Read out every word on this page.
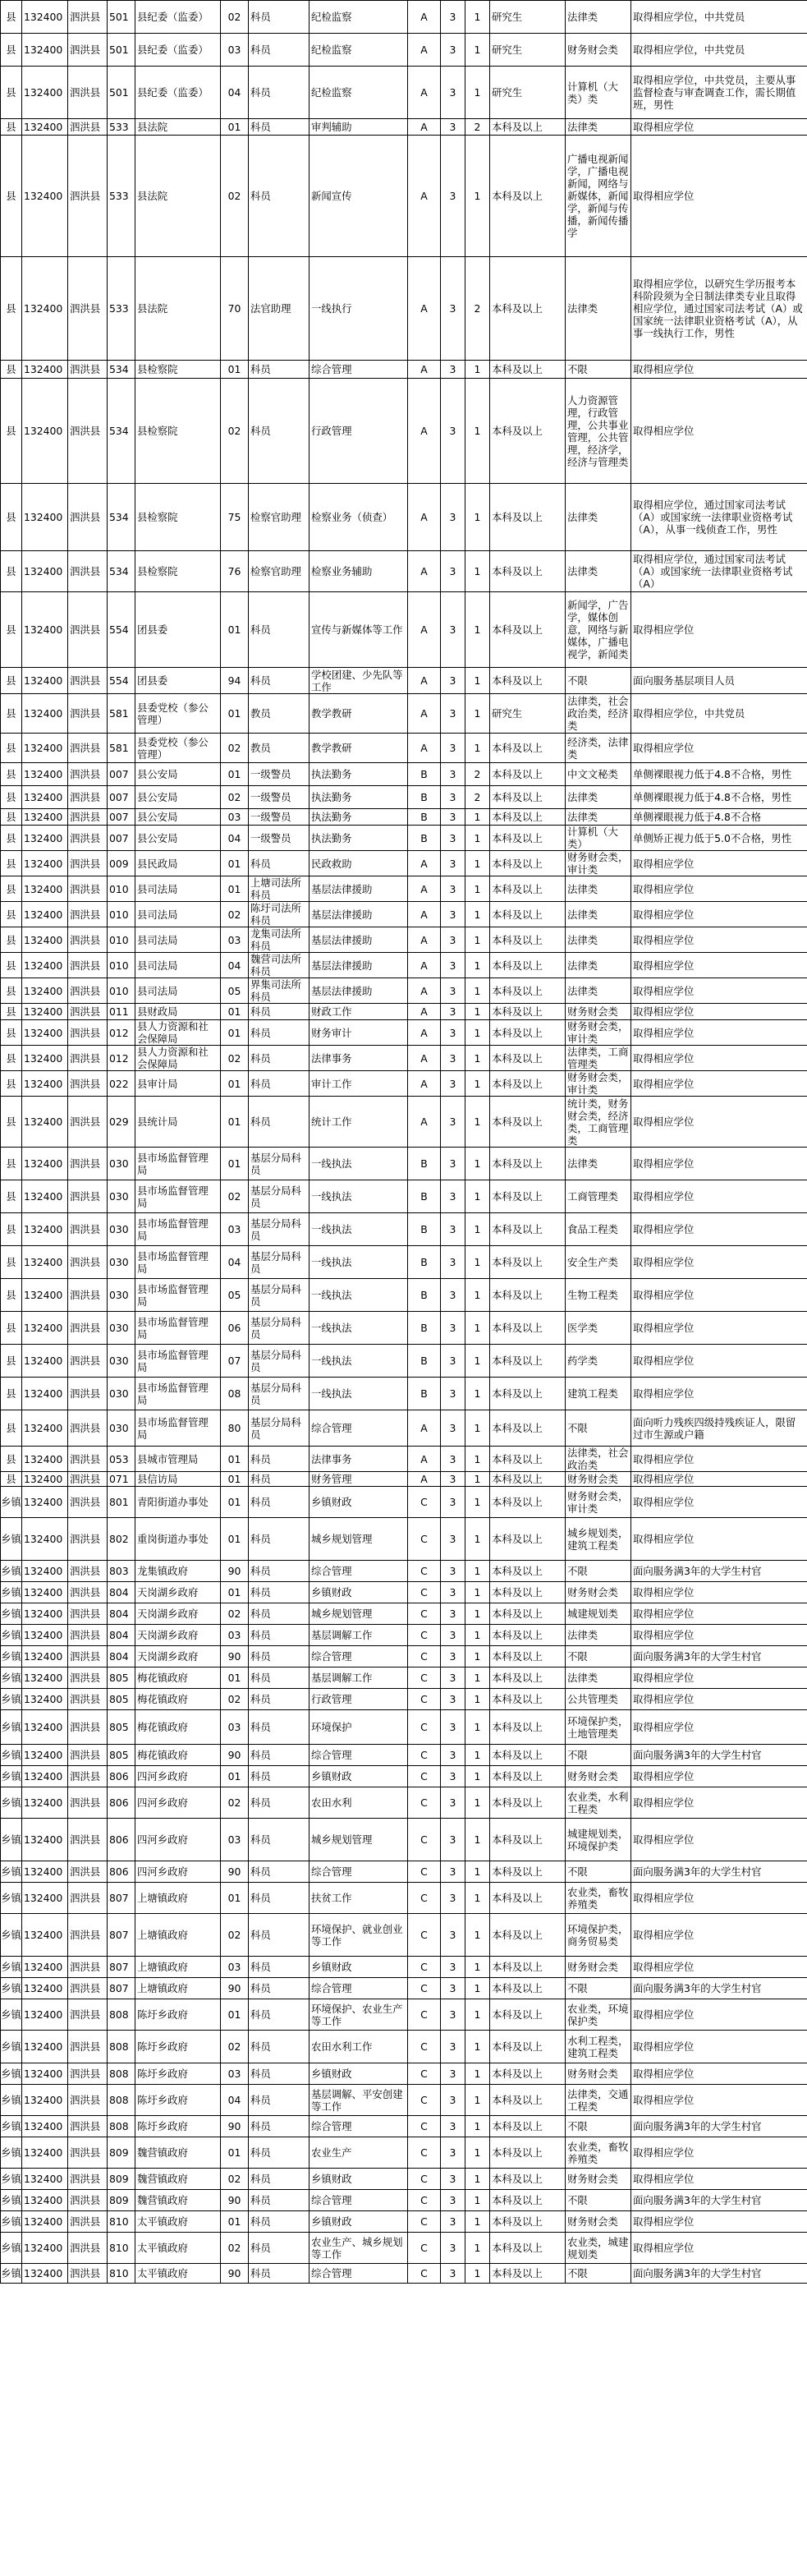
县	132400	泗洪县	501	县纪委（监委）	02	科员	纪检监察	A	3	1	研究生	法律类	取得相应学位，中共党员
县	132400	泗洪县	501	县纪委（监委）	03	科员	纪检监察	A	3	1	研究生	财务财会类	取得相应学位，中共党员
县	132400	泗洪县	501	县纪委（监委）	04	科员	纪检监察	A	3	1	研究生	计算机（大类）类	取得相应学位，中共党员，主要从事监督检查与审查调查工作，需长期值班，男性
县	132400	泗洪县	533	县法院	01	科员	审判辅助	A	3	2	本科及以上	法律类	取得相应学位
县	132400	泗洪县	533	县法院	02	科员	新闻宣传	A	3	1	本科及以上	广播电视新闻学，广播电视新闻，网络与新媒体，新闻学，新闻与传播，新闻传播学	取得相应学位
县	132400	泗洪县	533	县法院	70	法官助理	一线执行	A	3	2	本科及以上	法律类	取得相应学位，以研究生学历报考本科阶段须为全日制法律类专业且取得相应学位，通过国家司法考试（A）或国家统一法律职业资格考试（A），从事一线执行工作，男性
县	132400	泗洪县	534	县检察院	01	科员	综合管理	A	3	1	本科及以上	不限	取得相应学位
县	132400	泗洪县	534	县检察院	02	科员	行政管理	A	3	1	本科及以上	人力资源管理，行政管理，公共事业管理，公共管理，经济学，经济与管理类	取得相应学位
县	132400	泗洪县	534	县检察院	75	检察官助理	检察业务（侦查）	A	3	1	本科及以上	法律类	取得相应学位，通过国家司法考试（A）或国家统一法律职业资格考试（A），从事一线侦查工作，男性
县	132400	泗洪县	534	县检察院	76	检察官助理	检察业务辅助	A	3	1	本科及以上	法律类	取得相应学位，通过国家司法考试（A）或国家统一法律职业资格考试（A）
县	132400	泗洪县	554	团县委	01	科员	宣传与新媒体等工作	A	3	1	本科及以上	新闻学，广告学，媒体创意，网络与新媒体，广播电视学，新闻类	取得相应学位
县	132400	泗洪县	554	团县委	94	科员	学校团建、少先队等工作	A	3	1	本科及以上	不限	面向服务基层项目人员
县	132400	泗洪县	581	县委党校（参公管理）	01	教员	教学教研	A	3	1	研究生	法律类，社会政治类，经济类	取得相应学位，中共党员
县	132400	泗洪县	581	县委党校（参公管理）	02	教员	教学教研	A	3	1	本科及以上	经济类，法律类	取得相应学位
县	132400	泗洪县	007	县公安局	01	一级警员	执法勤务	B	3	2	本科及以上	中文文秘类	单侧裸眼视力低于4.8不合格，男性
县	132400	泗洪县	007	县公安局	02	一级警员	执法勤务	B	3	2	本科及以上	法律类	单侧裸眼视力低于4.8不合格，男性
县	132400	泗洪县	007	县公安局	03	一级警员	执法勤务	B	3	1	本科及以上	法律类	单侧裸眼视力低于4.8不合格
县	132400	泗洪县	007	县公安局	04	一级警员	执法勤务	B	3	1	本科及以上	计算机（大类）	单侧矫正视力低于5.0不合格，男性
县	132400	泗洪县	009	县民政局	01	科员	民政救助	A	3	1	本科及以上	财务财会类，审计类	取得相应学位
县	132400	泗洪县	010	县司法局	01	上塘司法所科员	基层法律援助	A	3	1	本科及以上	法律类	取得相应学位
县	132400	泗洪县	010	县司法局	02	陈圩司法所科员	基层法律援助	A	3	1	本科及以上	法律类	取得相应学位
县	132400	泗洪县	010	县司法局	03	龙集司法所科员	基层法律援助	A	3	1	本科及以上	法律类	取得相应学位
县	132400	泗洪县	010	县司法局	04	魏营司法所科员	基层法律援助	A	3	1	本科及以上	法律类	取得相应学位
县	132400	泗洪县	010	县司法局	05	界集司法所科员	基层法律援助	A	3	1	本科及以上	法律类	取得相应学位
县	132400	泗洪县	011	县财政局	01	科员	财政工作	A	3	1	本科及以上	财务财会类	取得相应学位
县	132400	泗洪县	012	县人力资源和社会保障局	01	科员	财务审计	A	3	1	本科及以上	财务财会类，审计类	取得相应学位
县	132400	泗洪县	012	县人力资源和社会保障局	02	科员	法律事务	A	3	1	本科及以上	法律类，工商管理类	取得相应学位
县	132400	泗洪县	022	县审计局	01	科员	审计工作	A	3	1	本科及以上	财务财会类，审计类	取得相应学位
县	132400	泗洪县	029	县统计局	01	科员	统计工作	A	3	1	本科及以上	统计类，财务财会类，经济类，工商管理类	取得相应学位
县	132400	泗洪县	030	县市场监督管理局	01	基层分局科员	一线执法	B	3	1	本科及以上	法律类	取得相应学位
县	132400	泗洪县	030	县市场监督管理局	02	基层分局科员	一线执法	B	3	1	本科及以上	工商管理类	取得相应学位
县	132400	泗洪县	030	县市场监督管理局	03	基层分局科员	一线执法	B	3	1	本科及以上	食品工程类	取得相应学位
县	132400	泗洪县	030	县市场监督管理局	04	基层分局科员	一线执法	B	3	1	本科及以上	安全生产类	取得相应学位
县	132400	泗洪县	030	县市场监督管理局	05	基层分局科员	一线执法	B	3	1	本科及以上	生物工程类	取得相应学位
县	132400	泗洪县	030	县市场监督管理局	06	基层分局科员	一线执法	B	3	1	本科及以上	医学类	取得相应学位
县	132400	泗洪县	030	县市场监督管理局	07	基层分局科员	一线执法	B	3	1	本科及以上	药学类	取得相应学位
县	132400	泗洪县	030	县市场监督管理局	08	基层分局科员	一线执法	B	3	1	本科及以上	建筑工程类	取得相应学位
县	132400	泗洪县	030	县市场监督管理局	80	基层分局科员	综合管理	A	3	1	本科及以上	不限	面向听力残疾四级持残疾证人，限留过市生源或户籍
县	132400	泗洪县	053	县城市管理局	01	科员	法律事务	A	3	1	本科及以上	法律类，社会政治类	取得相应学位
县	132400	泗洪县	071	县信访局	01	科员	财务管理	A	3	1	本科及以上	财务财会类	取得相应学位
乡镇	132400	泗洪县	801	青阳街道办事处	01	科员	乡镇财政	C	3	1	本科及以上	财务财会类，审计类	取得相应学位
乡镇	132400	泗洪县	802	重岗街道办事处	01	科员	城乡规划管理	C	3	1	本科及以上	城乡规划类，建筑工程类	取得相应学位
乡镇	132400	泗洪县	803	龙集镇政府	90	科员	综合管理	C	3	1	本科及以上	不限	面向服务满3年的大学生村官
乡镇	132400	泗洪县	804	天岗湖乡政府	01	科员	乡镇财政	C	3	1	本科及以上	财务财会类	取得相应学位
乡镇	132400	泗洪县	804	天岗湖乡政府	02	科员	城乡规划管理	C	3	1	本科及以上	城建规划类	取得相应学位
乡镇	132400	泗洪县	804	天岗湖乡政府	03	科员	基层调解工作	C	3	1	本科及以上	法律类	取得相应学位
乡镇	132400	泗洪县	804	天岗湖乡政府	90	科员	综合管理	C	3	1	本科及以上	不限	面向服务满3年的大学生村官
乡镇	132400	泗洪县	805	梅花镇政府	01	科员	基层调解工作	C	3	1	本科及以上	法律类	取得相应学位
乡镇	132400	泗洪县	805	梅花镇政府	02	科员	行政管理	C	3	1	本科及以上	公共管理类	取得相应学位
乡镇	132400	泗洪县	805	梅花镇政府	03	科员	环境保护	C	3	1	本科及以上	环境保护类，土地管理类	取得相应学位
乡镇	132400	泗洪县	805	梅花镇政府	90	科员	综合管理	C	3	1	本科及以上	不限	面向服务满3年的大学生村官
乡镇	132400	泗洪县	806	四河乡政府	01	科员	乡镇财政	C	3	1	本科及以上	财务财会类	取得相应学位
乡镇	132400	泗洪县	806	四河乡政府	02	科员	农田水利	C	3	1	本科及以上	农业类，水利工程类	取得相应学位
乡镇	132400	泗洪县	806	四河乡政府	03	科员	城乡规划管理	C	3	1	本科及以上	城建规划类，环境保护类	取得相应学位
乡镇	132400	泗洪县	806	四河乡政府	90	科员	综合管理	C	3	1	本科及以上	不限	面向服务满3年的大学生村官
乡镇	132400	泗洪县	807	上塘镇政府	01	科员	扶贫工作	C	3	1	本科及以上	农业类，畜牧养殖类	取得相应学位
乡镇	132400	泗洪县	807	上塘镇政府	02	科员	环境保护、就业创业等工作	C	3	1	本科及以上	环境保护类，商务贸易类	取得相应学位
乡镇	132400	泗洪县	807	上塘镇政府	03	科员	乡镇财政	C	3	1	本科及以上	财务财会类	取得相应学位
乡镇	132400	泗洪县	807	上塘镇政府	90	科员	综合管理	C	3	1	本科及以上	不限	面向服务满3年的大学生村官
乡镇	132400	泗洪县	808	陈圩乡政府	01	科员	环境保护、农业生产等工作	C	3	1	本科及以上	农业类，环境保护类	取得相应学位
乡镇	132400	泗洪县	808	陈圩乡政府	02	科员	农田水利工作	C	3	1	本科及以上	水利工程类，建筑工程类	取得相应学位
乡镇	132400	泗洪县	808	陈圩乡政府	03	科员	乡镇财政	C	3	1	本科及以上	财务财会类	取得相应学位
乡镇	132400	泗洪县	808	陈圩乡政府	04	科员	基层调解、平安创建等工作	C	3	1	本科及以上	法律类，交通工程类	取得相应学位
乡镇	132400	泗洪县	808	陈圩乡政府	90	科员	综合管理	C	3	1	本科及以上	不限	面向服务满3年的大学生村官
乡镇	132400	泗洪县	809	魏营镇政府	01	科员	农业生产	C	3	1	本科及以上	农业类，畜牧养殖类	取得相应学位
乡镇	132400	泗洪县	809	魏营镇政府	02	科员	乡镇财政	C	3	1	本科及以上	财务财会类	取得相应学位
乡镇	132400	泗洪县	809	魏营镇政府	90	科员	综合管理	C	3	1	本科及以上	不限	面向服务满3年的大学生村官
乡镇	132400	泗洪县	810	太平镇政府	01	科员	乡镇财政	C	3	1	本科及以上	财务财会类	取得相应学位
乡镇	132400	泗洪县	810	太平镇政府	02	科员	农业生产、城乡规划等工作	C	3	1	本科及以上	农业类，城建规划类	取得相应学位
乡镇	132400	泗洪县	810	太平镇政府	90	科员	综合管理	C	3	1	本科及以上	不限	面向服务满3年的大学生村官
